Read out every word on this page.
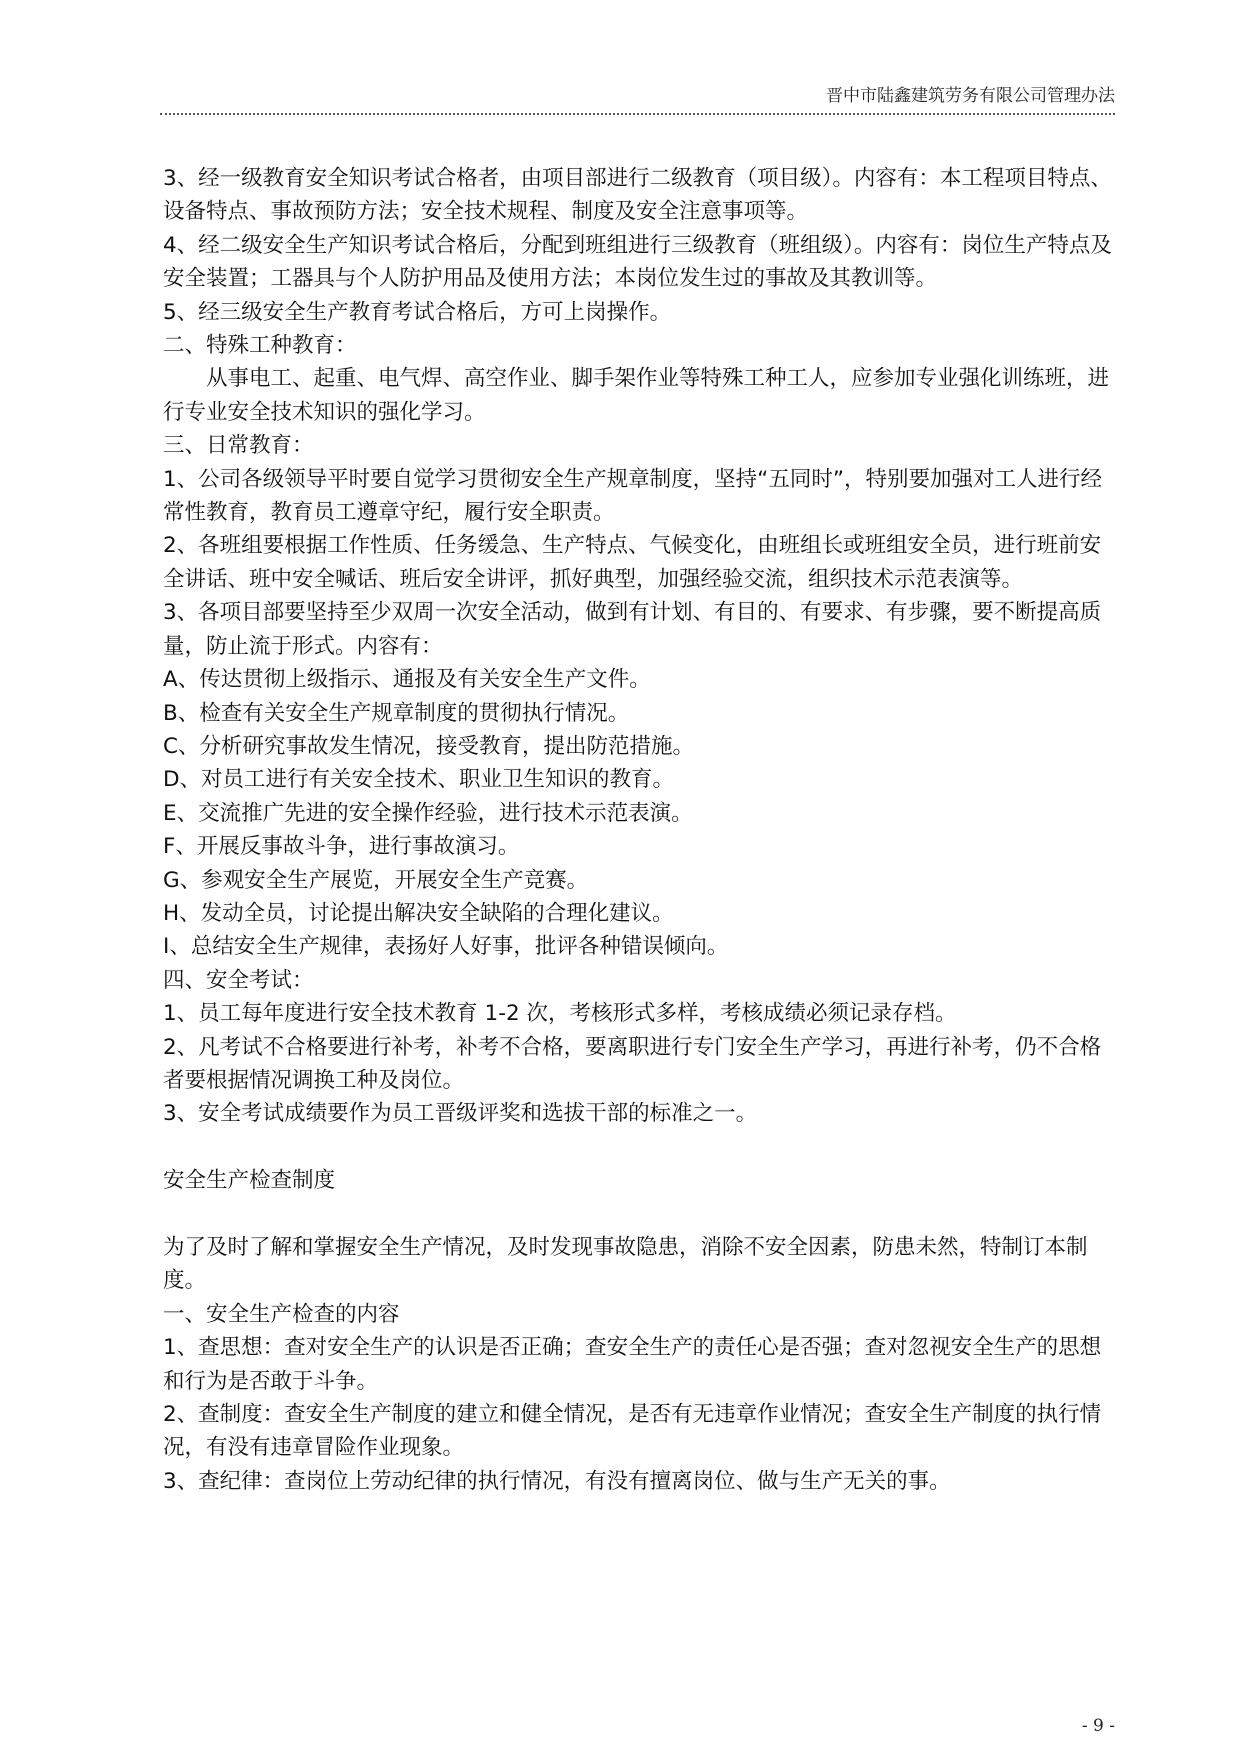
晋中市陆鑫建筑劳务有限公司管理办法

3、经一级教育安全知识考试合格者，由项目部进行二级教育（项目级）。内容有：本工程项目特点、设备特点、事故预防方法；安全技术规程、制度及安全注意事项等。

4、经二级安全生产知识考试合格后，分配到班组进行三级教育（班组级）。内容有：岗位生产特点及安全装置；工器具与个人防护用品及使用方法；本岗位发生过的事故及其教训等。

5、经三级安全生产教育考试合格后，方可上岗操作。

二、特殊工种教育：

从事电工、起重、电气焊、高空作业、脚手架作业等特殊工种工人，应参加专业强化训练班，进行专业安全技术知识的强化学习。

三、日常教育：

1、公司各级领导平时要自觉学习贯彻安全生产规章制度，坚持“五同时”，特别要加强对工人进行经常性教育，教育员工遵章守纪，履行安全职责。

2、各班组要根据工作性质、任务缓急、生产特点、气候变化，由班组长或班组安全员，进行班前安全讲话、班中安全喊话、班后安全讲评，抓好典型，加强经验交流，组织技术示范表演等。

3、各项目部要坚持至少双周一次安全活动，做到有计划、有目的、有要求、有步骤，要不断提高质量，防止流于形式。内容有：

A、传达贯彻上级指示、通报及有关安全生产文件。

B、检查有关安全生产规章制度的贯彻执行情况。

C、分析研究事故发生情况，接受教育，提出防范措施。

D、对员工进行有关安全技术、职业卫生知识的教育。

E、交流推广先进的安全操作经验，进行技术示范表演。

F、开展反事故斗争，进行事故演习。

G、参观安全生产展览，开展安全生产竞赛。

H、发动全员，讨论提出解决安全缺陷的合理化建议。

I、总结安全生产规律，表扬好人好事，批评各种错误倾向。

四、安全考试：

1、员工每年度进行安全技术教育 1-2 次，考核形式多样，考核成绩必须记录存档。

2、凡考试不合格要进行补考，补考不合格，要离职进行专门安全生产学习，再进行补考，仍不合格者要根据情况调换工种及岗位。

3、安全考试成绩要作为员工晋级评奖和选拔干部的标准之一。

安全生产检查制度

为了及时了解和掌握安全生产情况，及时发现事故隐患，消除不安全因素，防患未然，特制订本制度。

一、安全生产检查的内容

1、查思想：查对安全生产的认识是否正确；查安全生产的责任心是否强；查对忽视安全生产的思想和行为是否敢于斗争。

2、查制度：查安全生产制度的建立和健全情况，是否有无违章作业情况；查安全生产制度的执行情况，有没有违章冒险作业现象。

3、查纪律：查岗位上劳动纪律的执行情况，有没有擅离岗位、做与生产无关的事。

- 9 -
